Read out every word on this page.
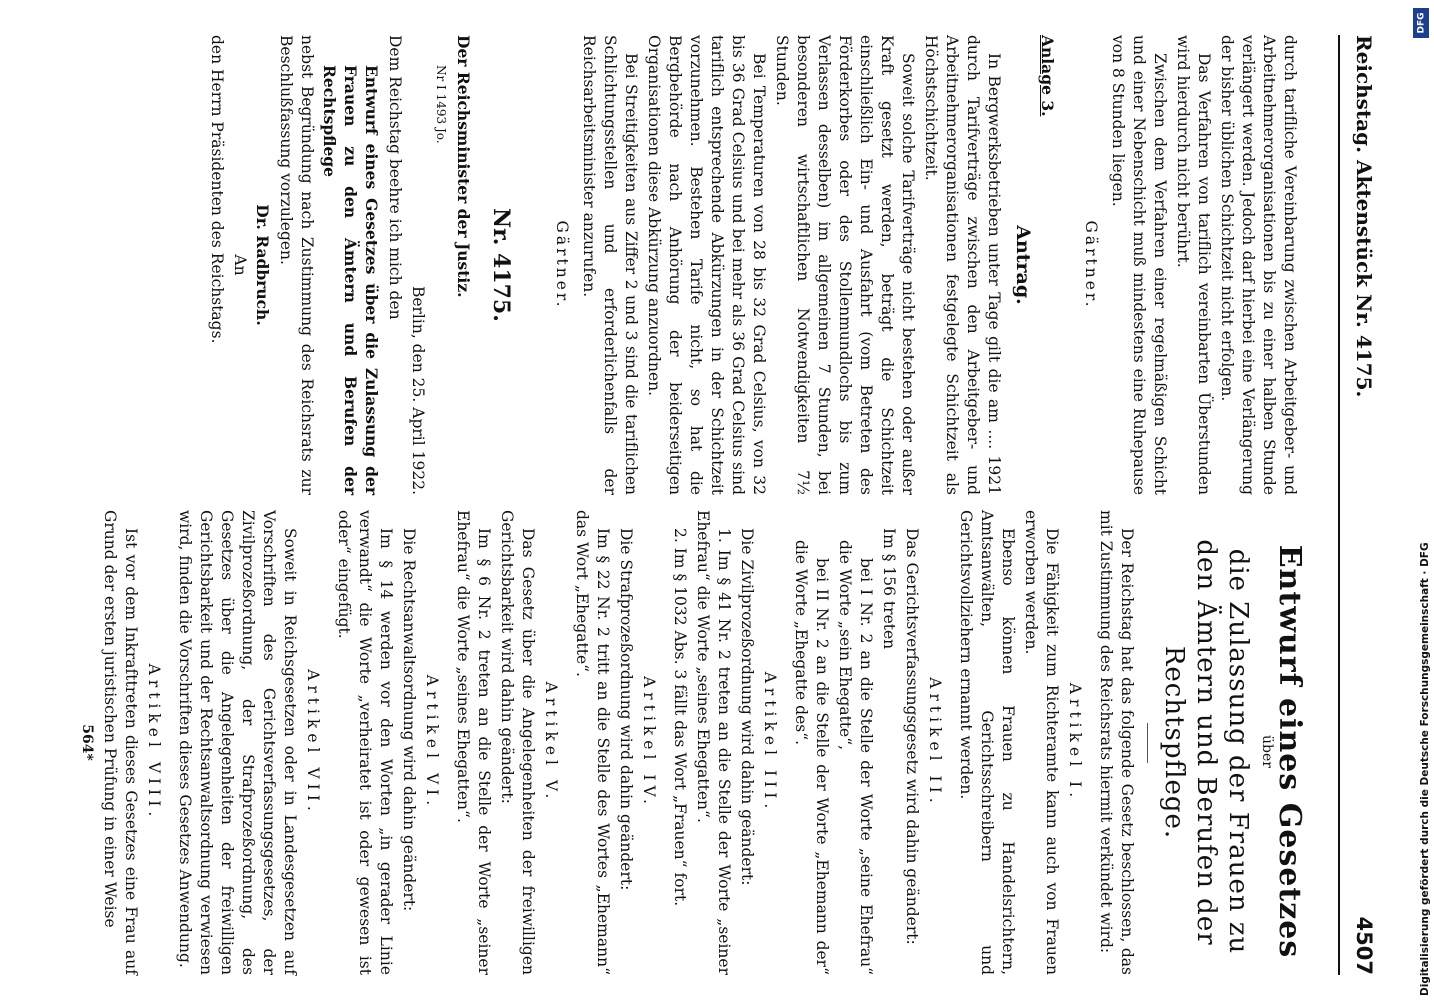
Reichstag. Aktenstück Nr. 4175.
4507

durch tarifliche Vereinbarung zwischen Arbeitgeber- und Arbeitnehmerorganisationen bis zu einer halben Stunde verlängert werden. Jedoch darf hierbei eine Verlängerung der bisher üblichen Schichtzeit nicht erfolgen.

Das Verfahren von tariflich vereinbarten Überstunden wird hierdurch nicht berührt.

Zwischen dem Verfahren einer regelmäßigen Schicht und einer Nebenschicht muß mindestens eine Ruhepause von 8 Stunden liegen.

Gärtner.

Anlage 3.

Antrag.

In Bergwerksbetrieben unter Tage gilt die am .... 1921 durch Tarifverträge zwischen den Arbeitgeber- und Arbeitnehmerorganisationen festgelegte Schichtzeit als Höchstschichtzeit.

Soweit solche Tarifverträge nicht bestehen oder außer Kraft gesetzt werden, beträgt die Schichtzeit einschließlich Ein- und Ausfahrt (vom Betreten des Förderkorbes oder des Stollenmundlochs bis zum Verlassen desselben) im allgemeinen 7 Stunden, bei besonderen wirtschaftlichen Notwendigkeiten 7½ Stunden.

Bei Temperaturen von 28 bis 32 Grad Celsius, von 32 bis 36 Grad Celsius und bei mehr als 36 Grad Celsius sind tariflich entsprechende Abkürzungen in der Schichtzeit vorzunehmen. Bestehen Tarife nicht, so hat die Bergbehörde nach Anhörung der beiderseitigen Organisationen diese Abkürzung anzuordnen.

Bei Streitigkeiten aus Ziffer 2 und 3 sind die tariflichen Schlichtungsstellen und erforderlichenfalls der Reichsarbeitsminister anzurufen.

Gärtner.

Nr. 4175.

Der Reichsminister der Justiz.

Nr I 1493 Jo.

Berlin, den 25. April 1922.

Dem Reichstag beehre ich mich den

Entwurf eines Gesetzes über die Zulassung der Frauen zu den Ämtern und Berufen der Rechtspflege

nebst Begründung nach Zustimmung des Reichsrats zur Beschlußfassung vorzulegen.

Dr. Radbruch.

An

den Herrn Präsidenten des Reichstags.

Entwurf eines Gesetzes

über

die Zulassung der Frauen zu den Ämtern und Berufen der Rechtspflege.

Der Reichstag hat das folgende Gesetz beschlossen, das mit Zustimmung des Reichsrats hiermit verkündet wird:

Artikel I.

Die Fähigkeit zum Richteramte kann auch von Frauen erworben werden.

Ebenso können Frauen zu Handelsrichtern, Amtsanwälten, Gerichtsschreibern und Gerichtsvollziehern ernannt werden.

Artikel II.

Das Gerichtsverfassungsgesetz wird dahin geändert:

Im § 156 treten

bei I Nr. 2 an die Stelle der Worte „seine Ehefrau“ die Worte „sein Ehegatte“,

bei II Nr. 2 an die Stelle der Worte „Ehemann der“ die Worte „Ehegatte des“.

Artikel III.

Die Zivilprozeßordnung wird dahin geändert:

1. Im § 41 Nr. 2 treten an die Stelle der Worte „seiner Ehefrau“ die Worte „seines Ehegatten“.

2. Im § 1032 Abs. 3 fällt das Wort „Frauen“ fort.

Artikel IV.

Die Strafprozeßordnung wird dahin geändert:

Im § 22 Nr. 2 tritt an die Stelle des Wortes „Ehemann“ das Wort „Ehegatte“.

Artikel V.

Das Gesetz über die Angelegenheiten der freiwilligen Gerichtsbarkeit wird dahin geändert:

Im § 6 Nr. 2 treten an die Stelle der Worte „seiner Ehefrau“ die Worte „seines Ehegatten“.

Artikel VI.

Die Rechtsanwaltsordnung wird dahin geändert:

Im § 14 werden vor den Worten „in gerader Linie verwandt“ die Worte „verheiratet ist oder gewesen ist oder“ eingefügt.

Artikel VII.

Soweit in Reichsgesetzen oder in Landesgesetzen auf Vorschriften des Gerichtsverfassungsgesetzes, der Zivilprozeßordnung, der Strafprozeßordnung, des Gesetzes über die Angelegenheiten der freiwilligen Gerichtsbarkeit und der Rechtsanwaltsordnung verwiesen wird, finden die Vorschriften dieses Gesetzes Anwendung.

Artikel VIII.

Ist vor dem Inkrafttreten dieses Gesetzes eine Frau auf Grund der ersten juristischen Prüfung in einer Weise

564*

DFG
Digitalisierung gefördert durch die Deutsche Forschungsgemeinschaft · DFG
